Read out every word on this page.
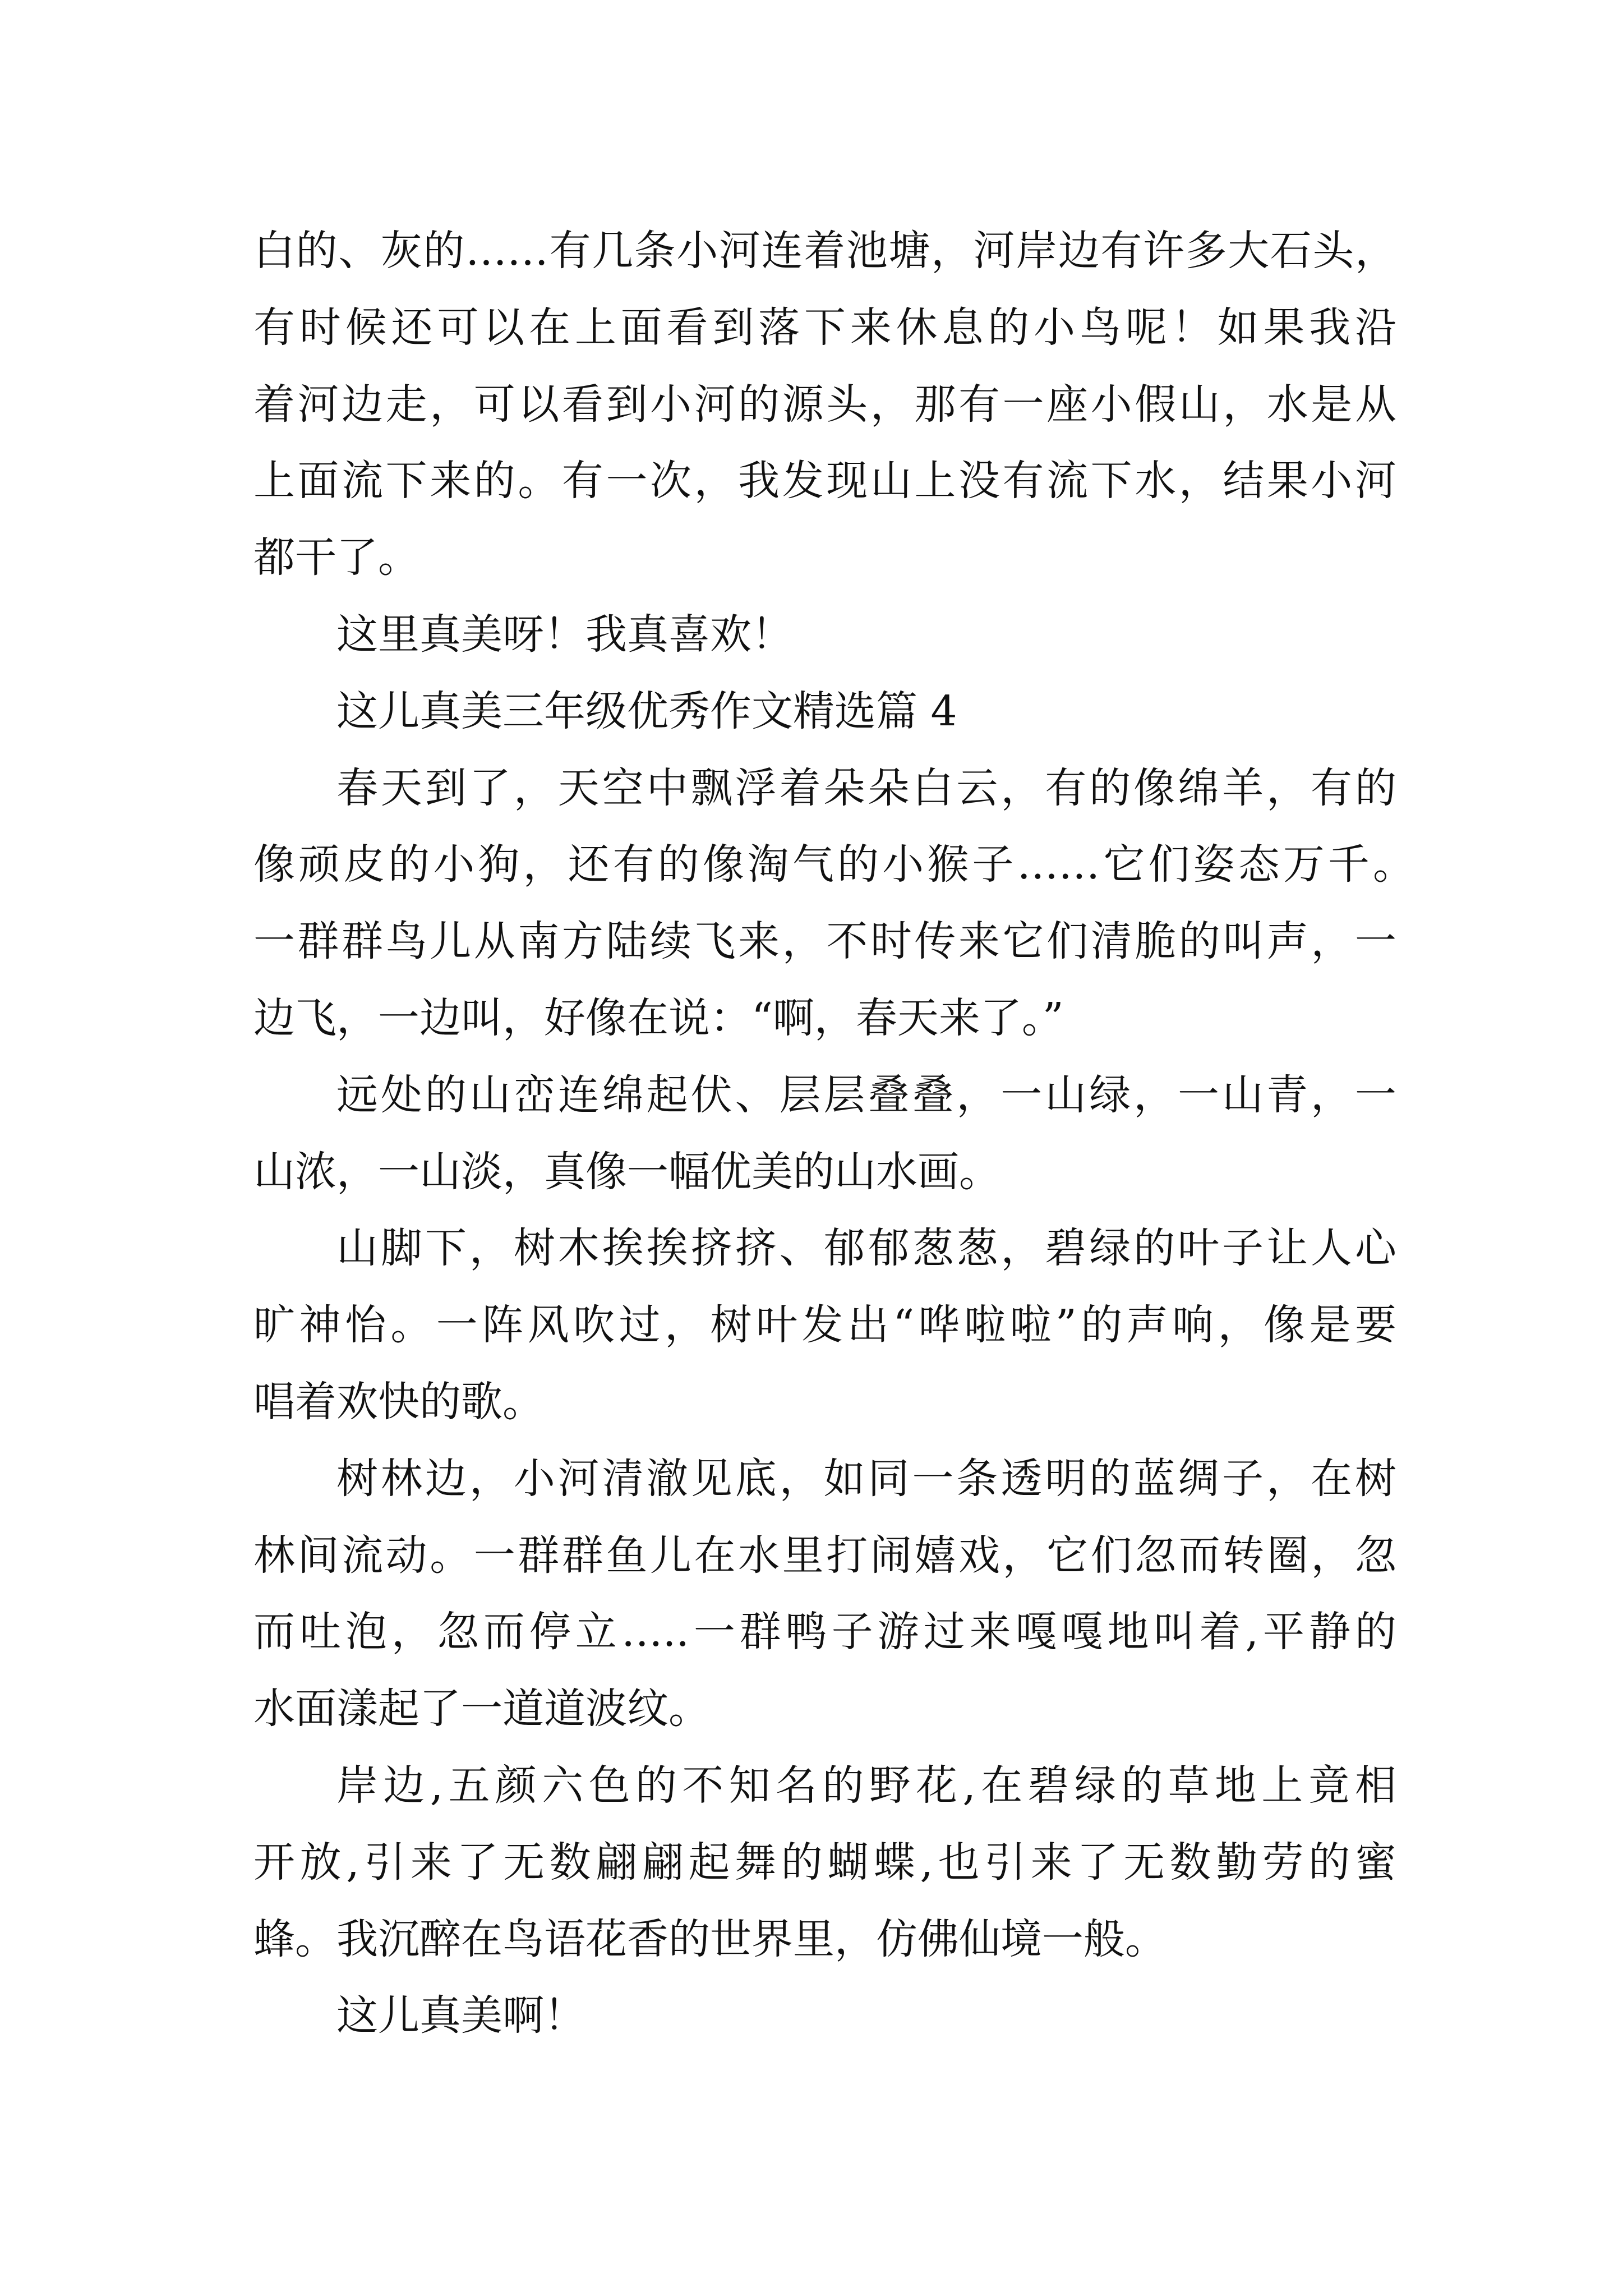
白的、灰的……有几条小河连着池塘，河岸边有许多大石头，
有时候还可以在上面看到落下来休息的小鸟呢！如果我沿
着河边走，可以看到小河的源头，那有一座小假山，水是从
上面流下来的。有一次，我发现山上没有流下水，结果小河
都干了。
这里真美呀！我真喜欢！
这儿真美三年级优秀作文精选篇 4
春天到了，天空中飘浮着朵朵白云，有的像绵羊，有的
像顽皮的小狗，还有的像淘气的小猴子……它们姿态万千。
一群群鸟儿从南方陆续飞来，不时传来它们清脆的叫声，一
边飞，一边叫，好像在说：“啊，春天来了。”
远处的山峦连绵起伏、层层叠叠，一山绿，一山青，一
山浓，一山淡，真像一幅优美的山水画。
山脚下，树木挨挨挤挤、郁郁葱葱，碧绿的叶子让人心
旷神怡。一阵风吹过，树叶发出“哗啦啦”的声响，像是要
唱着欢快的歌。
树林边，小河清澈见底，如同一条透明的蓝绸子，在树
林间流动。一群群鱼儿在水里打闹嬉戏，它们忽而转圈，忽
而吐泡，忽而停立…..一群鸭子游过来嘎嘎地叫着,平静的
水面漾起了一道道波纹。
岸边,五颜六色的不知名的野花,在碧绿的草地上竟相
开放,引来了无数翩翩起舞的蝴蝶,也引来了无数勤劳的蜜
蜂。我沉醉在鸟语花香的世界里，仿佛仙境一般。
这儿真美啊！
